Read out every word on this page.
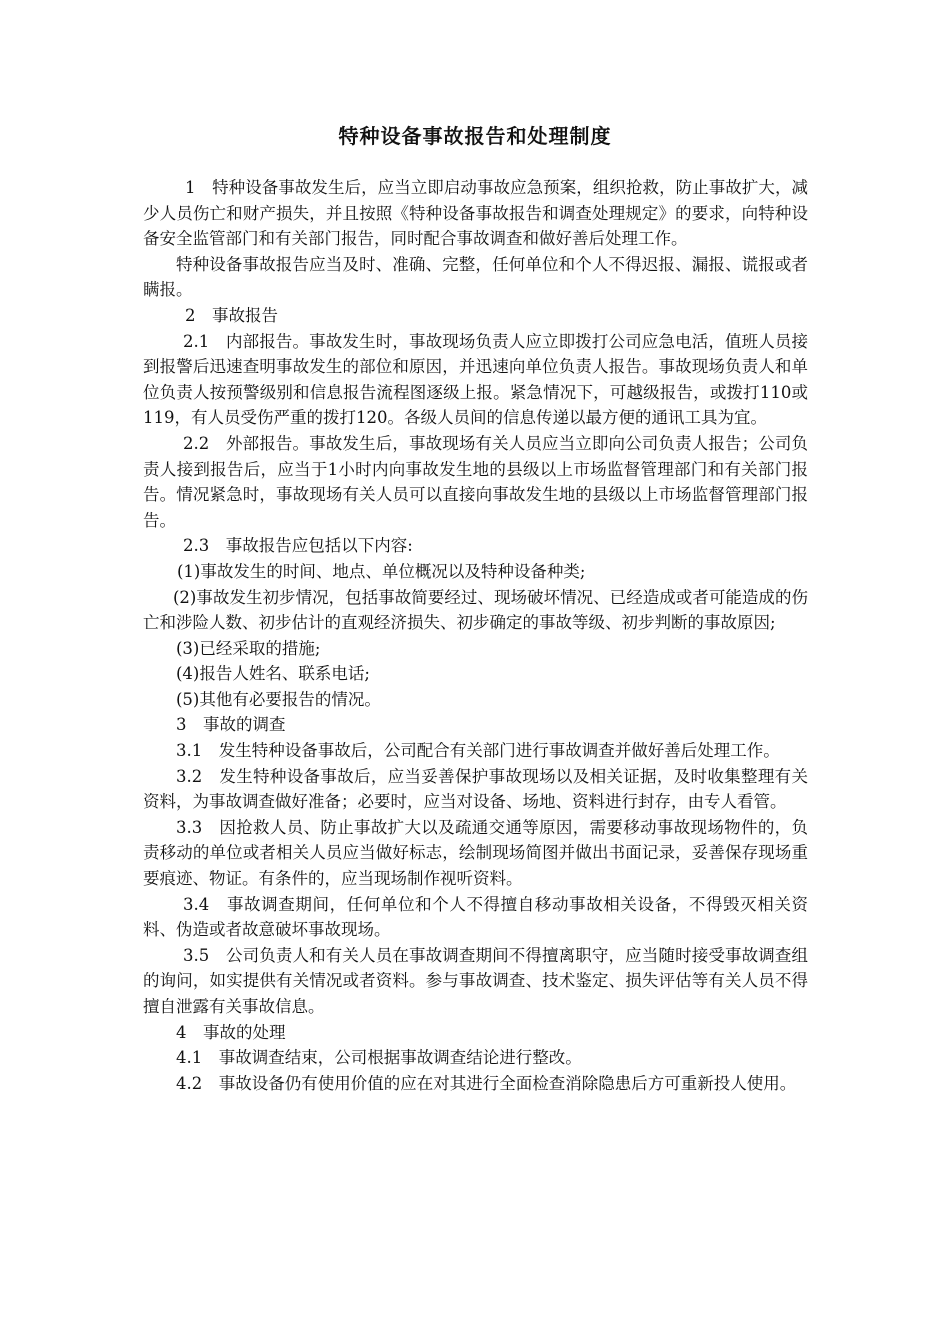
特种设备事故报告和处理制度

1　特种设备事故发生后，应当立即启动事故应急预案，组织抢救，防止事故扩大，减少人员伤亡和财产损失，并且按照《特种设备事故报告和调查处理规定》的要求，向特种设备安全监管部门和有关部门报告，同时配合事故调查和做好善后处理工作。

特种设备事故报告应当及时、准确、完整，任何单位和个人不得迟报、漏报、谎报或者瞒报。

2　事故报告

2.1　内部报告。事故发生时，事故现场负责人应立即拨打公司应急电活，值班人员接到报警后迅速查明事故发生的部位和原因，并迅速向单位负责人报告。事故现场负责人和单位负责人按预警级别和信息报告流程图逐级上报。紧急情况下，可越级报告，或拨打110或119，有人员受伤严重的拨打120。各级人员间的信息传递以最方便的通讯工具为宜。

2.2　外部报告。事故发生后，事故现场有关人员应当立即向公司负责人报告；公司负责人接到报告后，应当于1小时内向事故发生地的县级以上市场监督管理部门和有关部门报告。情况紧急时，事故现场有关人员可以直接向事故发生地的县级以上市场监督管理部门报告。

2.3　事故报告应包括以下内容:

(1)事故发生的时间、地点、单位概况以及特种设备种类;

(2)事故发生初步情况，包括事故简要经过、现场破坏情况、已经造成或者可能造成的伤亡和涉险人数、初步估计的直观经济损失、初步确定的事故等级、初步判断的事故原因;

(3)已经采取的措施;

(4)报告人姓名、联系电话;

(5)其他有必要报告的情况。

3　事故的调查

3.1　发生特种设备事故后，公司配合有关部门进行事故调查并做好善后处理工作。

3.2　发生特种设备事故后，应当妥善保护事故现场以及相关证据，及时收集整理有关资料，为事故调查做好准备；必要时，应当对设备、场地、资料进行封存，由专人看管。

3.3　因抢救人员、防止事故扩大以及疏通交通等原因，需要移动事故现场物件的，负责移动的单位或者相关人员应当做好标志，绘制现场简图并做出书面记录，妥善保存现场重要痕迹、物证。有条件的，应当现场制作视听资料。

3.4　事故调查期间，任何单位和个人不得擅自移动事故相关设备，不得毁灭相关资料、伪造或者故意破坏事故现场。

3.5　公司负责人和有关人员在事故调查期间不得擅离职守，应当随时接受事故调查组的询问，如实提供有关情况或者资料。参与事故调查、技术鉴定、损失评估等有关人员不得擅自泄露有关事故信息。

4　事故的处理

4.1　事故调查结束，公司根据事故调查结论进行整改。

4.2　事故设备仍有使用价值的应在对其进行全面检查消除隐患后方可重新投人使用。
